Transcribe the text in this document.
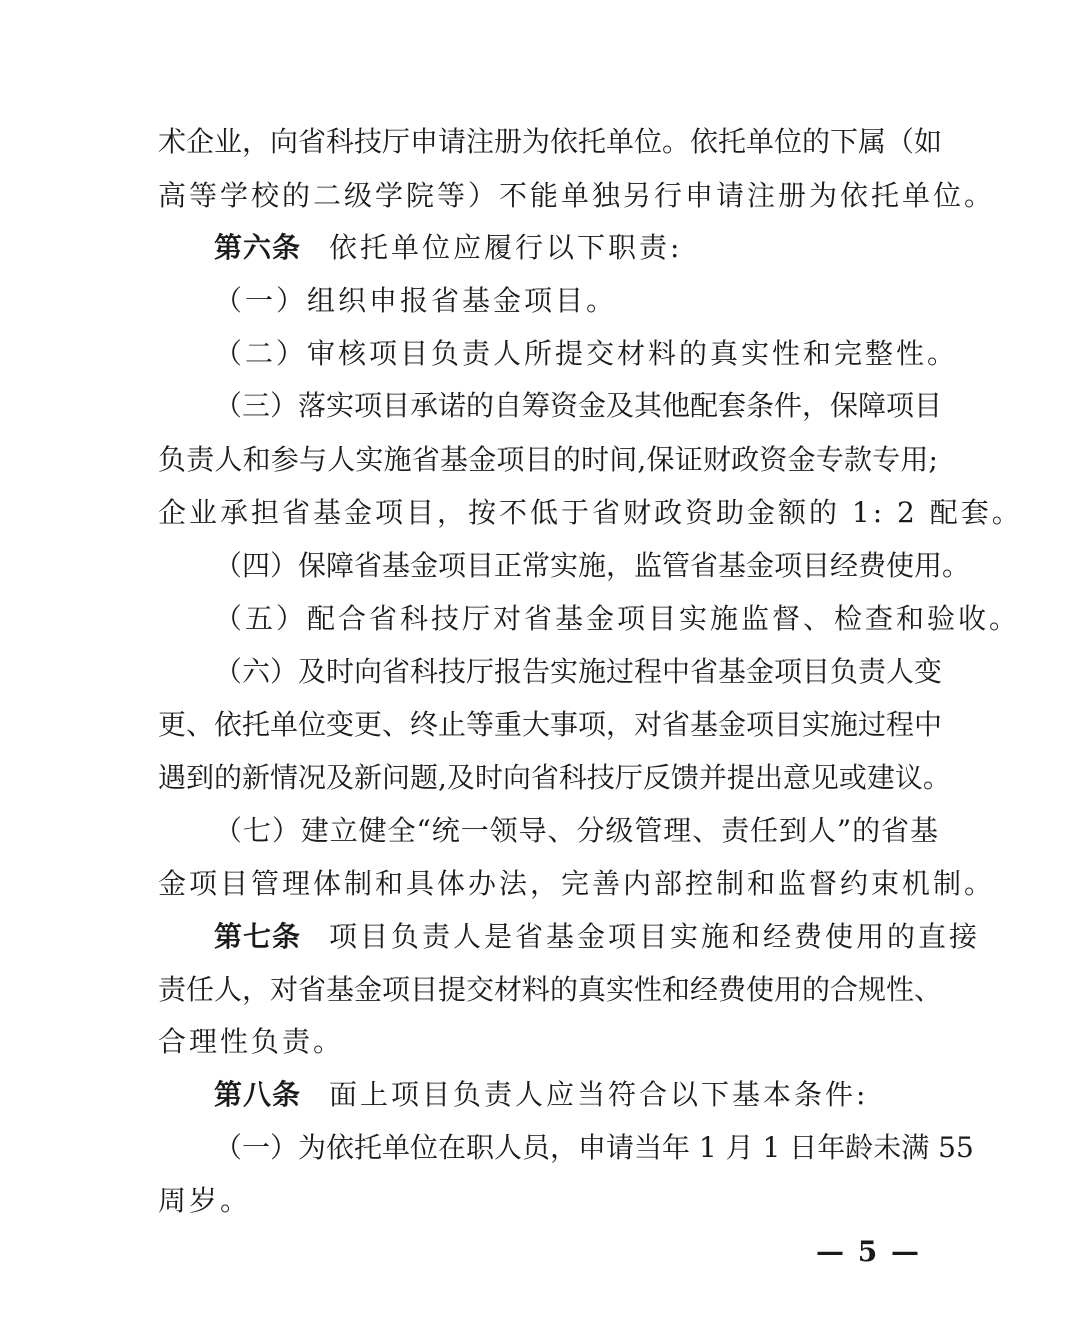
术企业，向省科技厅申请注册为依托单位。依托单位的下属（如
高等学校的二级学院等）不能单独另行申请注册为依托单位。
第六条 依托单位应履行以下职责:
（一）组织申报省基金项目。
（二）审核项目负责人所提交材料的真实性和完整性。
（三）落实项目承诺的自筹资金及其他配套条件，保障项目
负责人和参与人实施省基金项目的时间,保证财政资金专款专用;
企业承担省基金项目，按不低于省财政资助金额的 1: 2 配套。
（四）保障省基金项目正常实施，监管省基金项目经费使用。
（五）配合省科技厅对省基金项目实施监督、检查和验收。
（六）及时向省科技厅报告实施过程中省基金项目负责人变
更、依托单位变更、终止等重大事项，对省基金项目实施过程中
遇到的新情况及新问题,及时向省科技厅反馈并提出意见或建议。
（七）建立健全“统一领导、分级管理、责任到人”的省基
金项目管理体制和具体办法，完善内部控制和监督约束机制。
第七条 项目负责人是省基金项目实施和经费使用的直接
责任人，对省基金项目提交材料的真实性和经费使用的合规性、
合理性负责。
第八条 面上项目负责人应当符合以下基本条件:
（一）为依托单位在职人员，申请当年 1 月 1 日年龄未满 55
周岁。
— 5 —
